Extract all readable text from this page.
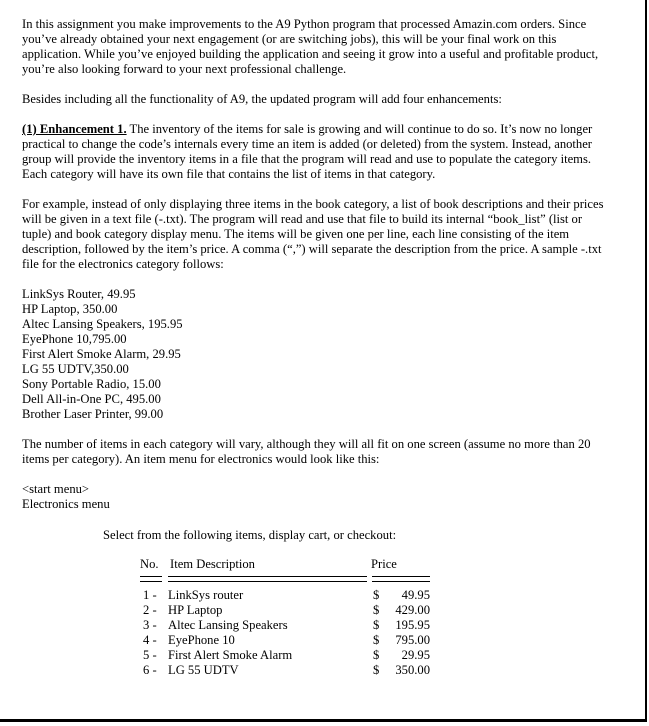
In this assignment you make improvements to the A9 Python program that processed Amazin.com orders. Since you’ve already obtained your next engagement (or are switching jobs), this will be your final work on this application. While you’ve enjoyed building the application and seeing it grow into a useful and profitable product, you’re also looking forward to your next professional challenge.

Besides including all the functionality of A9, the updated program will add four enhancements:

(1) Enhancement 1. The inventory of the items for sale is growing and will continue to do so. It’s now no longer practical to change the code’s internals every time an item is added (or deleted) from the system. Instead, another group will provide the inventory items in a file that the program will read and use to populate the category items. Each category will have its own file that contains the list of items in that category.

For example, instead of only displaying three items in the book category, a list of book descriptions and their prices will be given in a text file (-.txt). The program will read and use that file to build its internal “book_list” (list or tuple) and book category display menu. The items will be given one per line, each line consisting of the item description, followed by the item’s price. A comma (“,”) will separate the description from the price. A sample -.txt file for the electronics category follows:

LinkSys Router, 49.95
HP Laptop, 350.00
Altec Lansing Speakers, 195.95
EyePhone 10,795.00
First Alert Smoke Alarm, 29.95
LG 55 UDTV,350.00
Sony Portable Radio, 15.00
Dell All-in-One PC, 495.00
Brother Laser Printer, 99.00

The number of items in each category will vary, although they will all fit on one screen (assume no more than 20 items per category). An item menu for electronics would look like this:

<start menu>
Electronics menu
Select from the following items, display cart, or checkout:
No. Item Description	Price
1 - LinkSys router	$	49.95
2 - HP Laptop	$	429.00
3 - Altec Lansing Speakers	$	195.95
4 - EyePhone 10	$	795.00
5 - First Alert Smoke Alarm	$	29.95
6 - LG 55 UDTV	$	350.00
